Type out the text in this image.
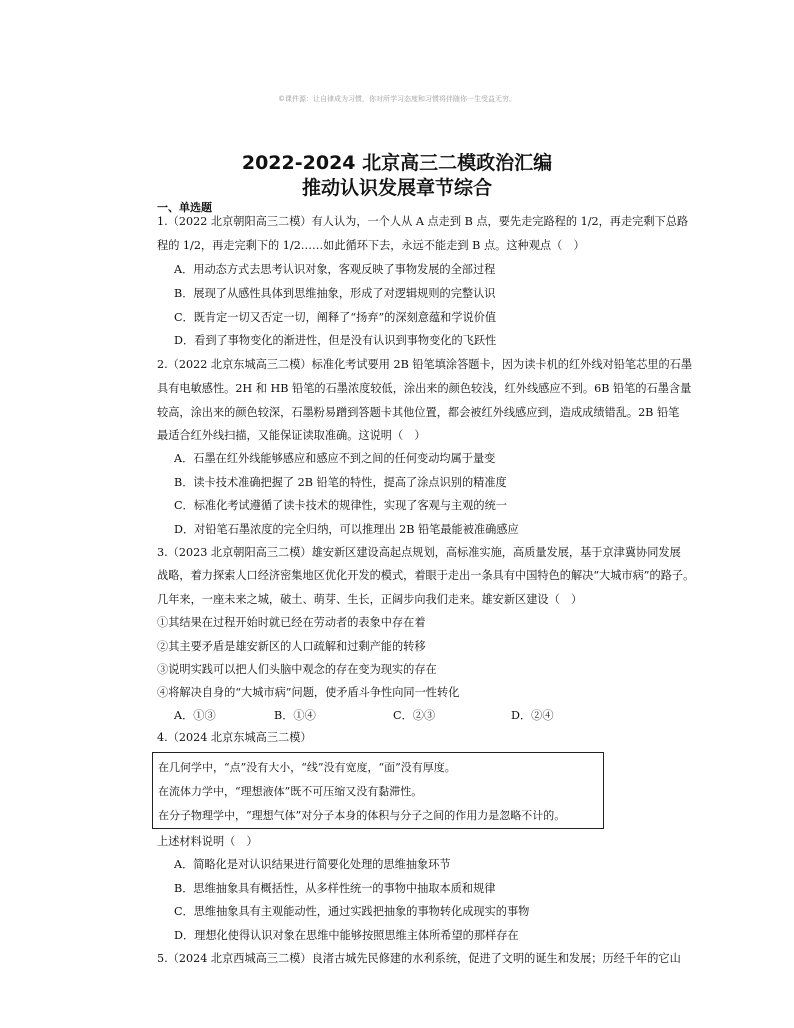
©课件源：让自律成为习惯，你对所学习态度和习惯将伴随你一生受益无穷。
2022-2024 北京高三二模政治汇编
推动认识发展章节综合
一、单选题
1.（2022 北京朝阳高三二模）有人认为，一个人从 A 点走到 B 点，要先走完路程的 1/2，再走完剩下总路
程的 1/2，再走完剩下的 1/2……如此循环下去，永远不能走到 B 点。这种观点（　）
A．用动态方式去思考认识对象，客观反映了事物发展的全部过程
B．展现了从感性具体到思维抽象，形成了对逻辑规则的完整认识
C．既肯定一切又否定一切，阐释了“扬弃”的深刻意蕴和学说价值
D．看到了事物变化的渐进性，但是没有认识到事物变化的飞跃性
2.（2022 北京东城高三二模）标准化考试要用 2B 铅笔填涂答题卡，因为读卡机的红外线对铅笔芯里的石墨
具有电敏感性。2H 和 HB 铅笔的石墨浓度较低，涂出来的颜色较浅，红外线感应不到。6B 铅笔的石墨含量
较高，涂出来的颜色较深，石墨粉易蹭到答题卡其他位置，都会被红外线感应到，造成成绩错乱。2B 铅笔
最适合红外线扫描，又能保证读取准确。这说明（　）
A．石墨在红外线能够感应和感应不到之间的任何变动均属于量变
B．读卡技术准确把握了 2B 铅笔的特性，提高了涂点识别的精准度
C．标准化考试遵循了读卡技术的规律性，实现了客观与主观的统一
D．对铅笔石墨浓度的完全归纳，可以推理出 2B 铅笔最能被准确感应
3.（2023 北京朝阳高三二模）雄安新区建设高起点规划，高标准实施，高质量发展，基于京津冀协同发展
战略，着力探索人口经济密集地区优化开发的模式，着眼于走出一条具有中国特色的解决“大城市病”的路子。
几年来，一座未来之城，破土、萌芽、生长，正阔步向我们走来。雄安新区建设（　）
①其结果在过程开始时就已经在劳动者的表象中存在着
②其主要矛盾是雄安新区的人口疏解和过剩产能的转移
③说明实践可以把人们头脑中观念的存在变为现实的存在
④将解决自身的“大城市病”问题，使矛盾斗争性向同一性转化
A．①③	B．①④	C．②③	D．②④
4.（2024 北京东城高三二模）
在几何学中，“点”没有大小，“线”没有宽度，“面”没有厚度。
在流体力学中，“理想液体”既不可压缩又没有黏滞性。
在分子物理学中，“理想气体”对分子本身的体积与分子之间的作用力是忽略不计的。
上述材料说明（　）
A．简略化是对认识结果进行简要化处理的思维抽象环节
B．思维抽象具有概括性，从多样性统一的事物中抽取本质和规律
C．思维抽象具有主观能动性，通过实践把抽象的事物转化成现实的事物
D．理想化使得认识对象在思维中能够按照思维主体所希望的那样存在
5.（2024 北京西城高三二模）良渚古城先民修建的水利系统，促进了文明的诞生和发展；历经千年的它山
